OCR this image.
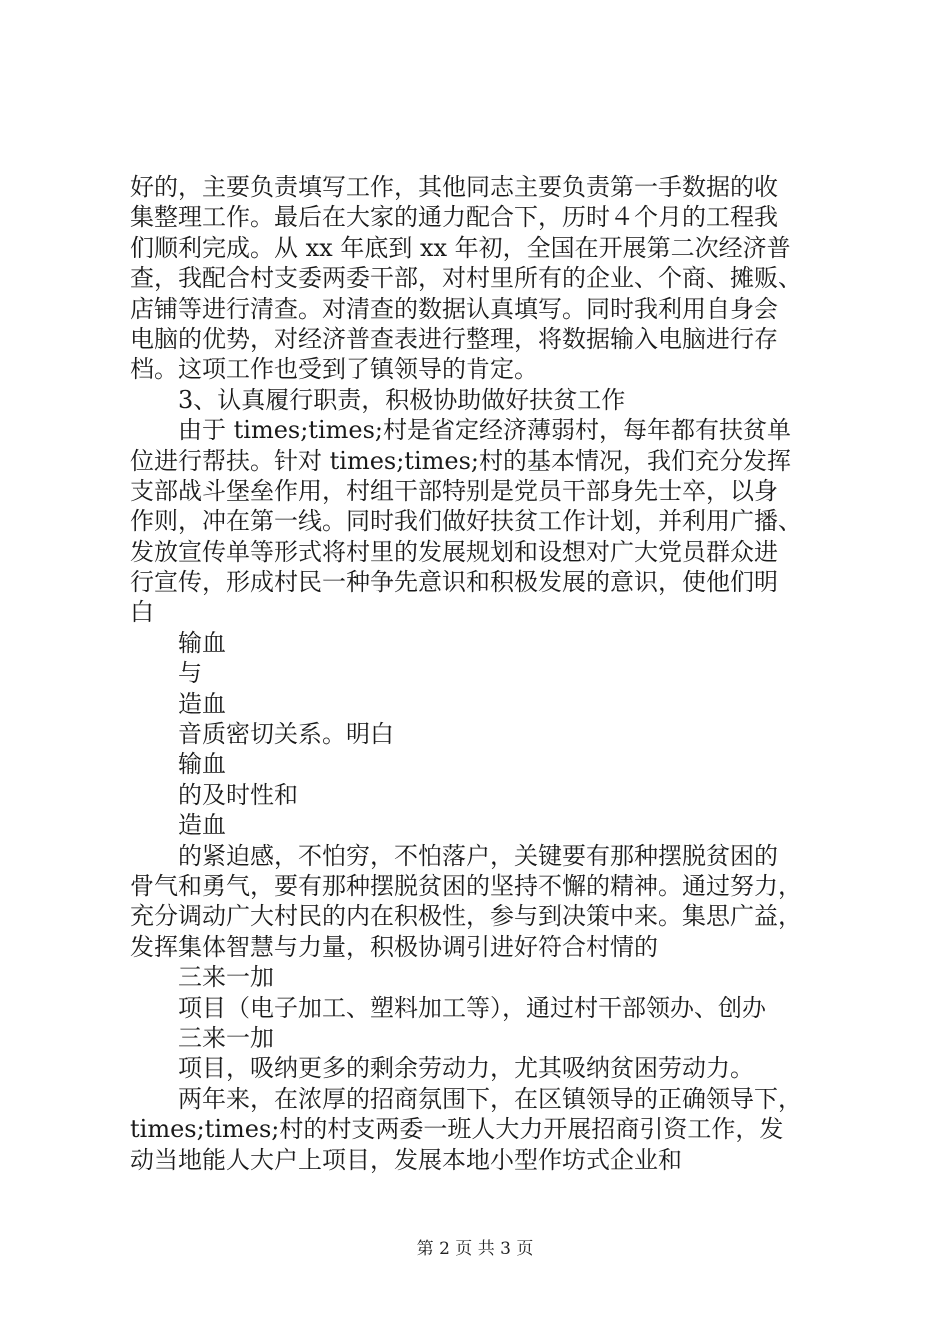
好的，主要负责填写工作，其他同志主要负责第一手数据的收
集整理工作。最后在大家的通力配合下，历时４个月的工程我
们顺利完成。从 xx 年底到 xx 年初，全国在开展第二次经济普
查，我配合村支委两委干部，对村里所有的企业、个商、摊贩、
店铺等进行清查。对清查的数据认真填写。同时我利用自身会
电脑的优势，对经济普查表进行整理，将数据输入电脑进行存
档。这项工作也受到了镇领导的肯定。
3、认真履行职责，积极协助做好扶贫工作
由于 times;times;村是省定经济薄弱村，每年都有扶贫单
位进行帮扶。针对 times;times;村的基本情况，我们充分发挥
支部战斗堡垒作用，村组干部特别是党员干部身先士卒，以身
作则，冲在第一线。同时我们做好扶贫工作计划，并利用广播、
发放宣传单等形式将村里的发展规划和设想对广大党员群众进
行宣传，形成村民一种争先意识和积极发展的意识，使他们明
白
输血
与
造血
音质密切关系。明白
输血
的及时性和
造血
的紧迫感，不怕穷，不怕落户，关键要有那种摆脱贫困的
骨气和勇气，要有那种摆脱贫困的坚持不懈的精神。通过努力，
充分调动广大村民的内在积极性，参与到决策中来。集思广益，
发挥集体智慧与力量，积极协调引进好符合村情的
三来一加
项目（电子加工、塑料加工等），通过村干部领办、创办
三来一加
项目，吸纳更多的剩余劳动力，尤其吸纳贫困劳动力。
两年来，在浓厚的招商氛围下，在区镇领导的正确领导下，
times;times;村的村支两委一班人大力开展招商引资工作，发
动当地能人大户上项目，发展本地小型作坊式企业和
第 2 页 共 3 页
